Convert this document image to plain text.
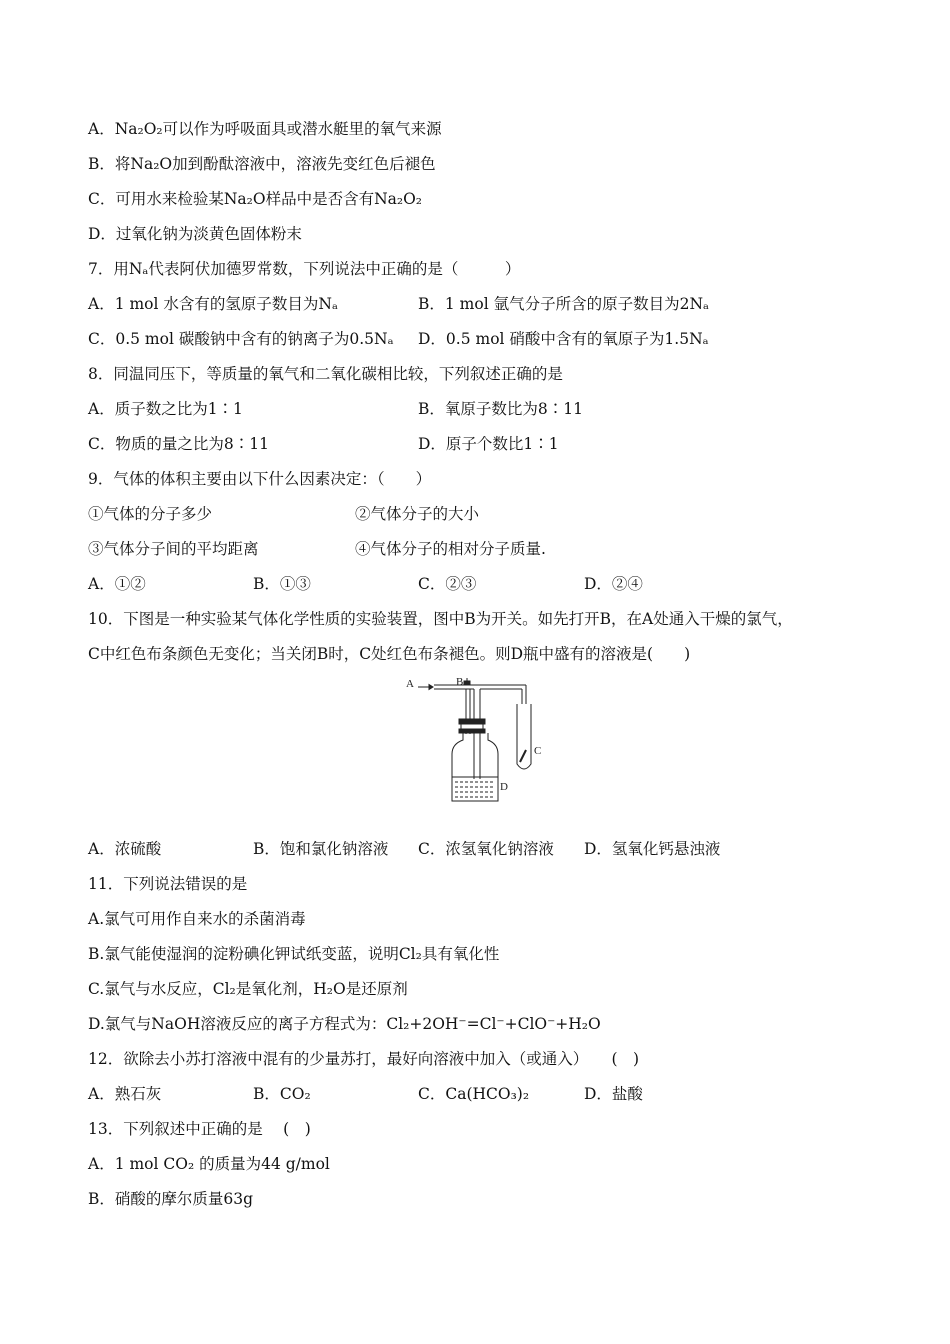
A．Na₂O₂可以作为呼吸面具或潜水艇里的氧气来源
B．将Na₂O加到酚酞溶液中，溶液先变红色后褪色
C．可用水来检验某Na₂O样品中是否含有Na₂O₂
D．过氧化钠为淡黄色固体粉末
7．用Nₐ代表阿伏加德罗常数，下列说法中正确的是（　　　）
A．1 mol 水含有的氢原子数目为Nₐ	B．1 mol 氩气分子所含的原子数目为2Nₐ
C．0.5 mol 碳酸钠中含有的钠离子为0.5Nₐ D．0.5 mol 硝酸中含有的氧原子为1.5Nₐ
8．同温同压下，等质量的氧气和二氧化碳相比较，下列叙述正确的是
A．质子数之比为1∶1	B．氧原子数比为8∶11
C．物质的量之比为8∶11	D．原子个数比1∶1
9．气体的体积主要由以下什么因素决定：（　　）
①气体的分子多少	②气体分子的大小
③气体分子间的平均距离	④气体分子的相对分子质量.
A．①②	B．①③	C．②③	D．②④
10．下图是一种实验某气体化学性质的实验装置，图中B为开关。如先打开B，在A处通入干燥的氯气，
C中红色布条颜色无变化；当关闭B时，C处红色布条褪色。则D瓶中盛有的溶液是(　　)
A	B
C
D
A．浓硫酸	B．饱和氯化钠溶液 C．浓氢氧化钠溶液 D．氢氧化钙悬浊液
11．下列说法错误的是
A.氯气可用作自来水的杀菌消毒
B.氯气能使湿润的淀粉碘化钾试纸变蓝，说明Cl₂具有氧化性
C.氯气与水反应，Cl₂是氧化剂，H₂O是还原剂
D.氯气与NaOH溶液反应的离子方程式为：Cl₂+2OH⁻=Cl⁻+ClO⁻+H₂O
12．欲除去小苏打溶液中混有的少量苏打，最好向溶液中加入（或通入）　　(　)
A．熟石灰	B．CO₂	C．Ca(HCO₃)₂	D．盐酸
13．下列叙述中正确的是　 (　)
A．1 mol CO₂ 的质量为44 g/mol
B．硝酸的摩尔质量63g
